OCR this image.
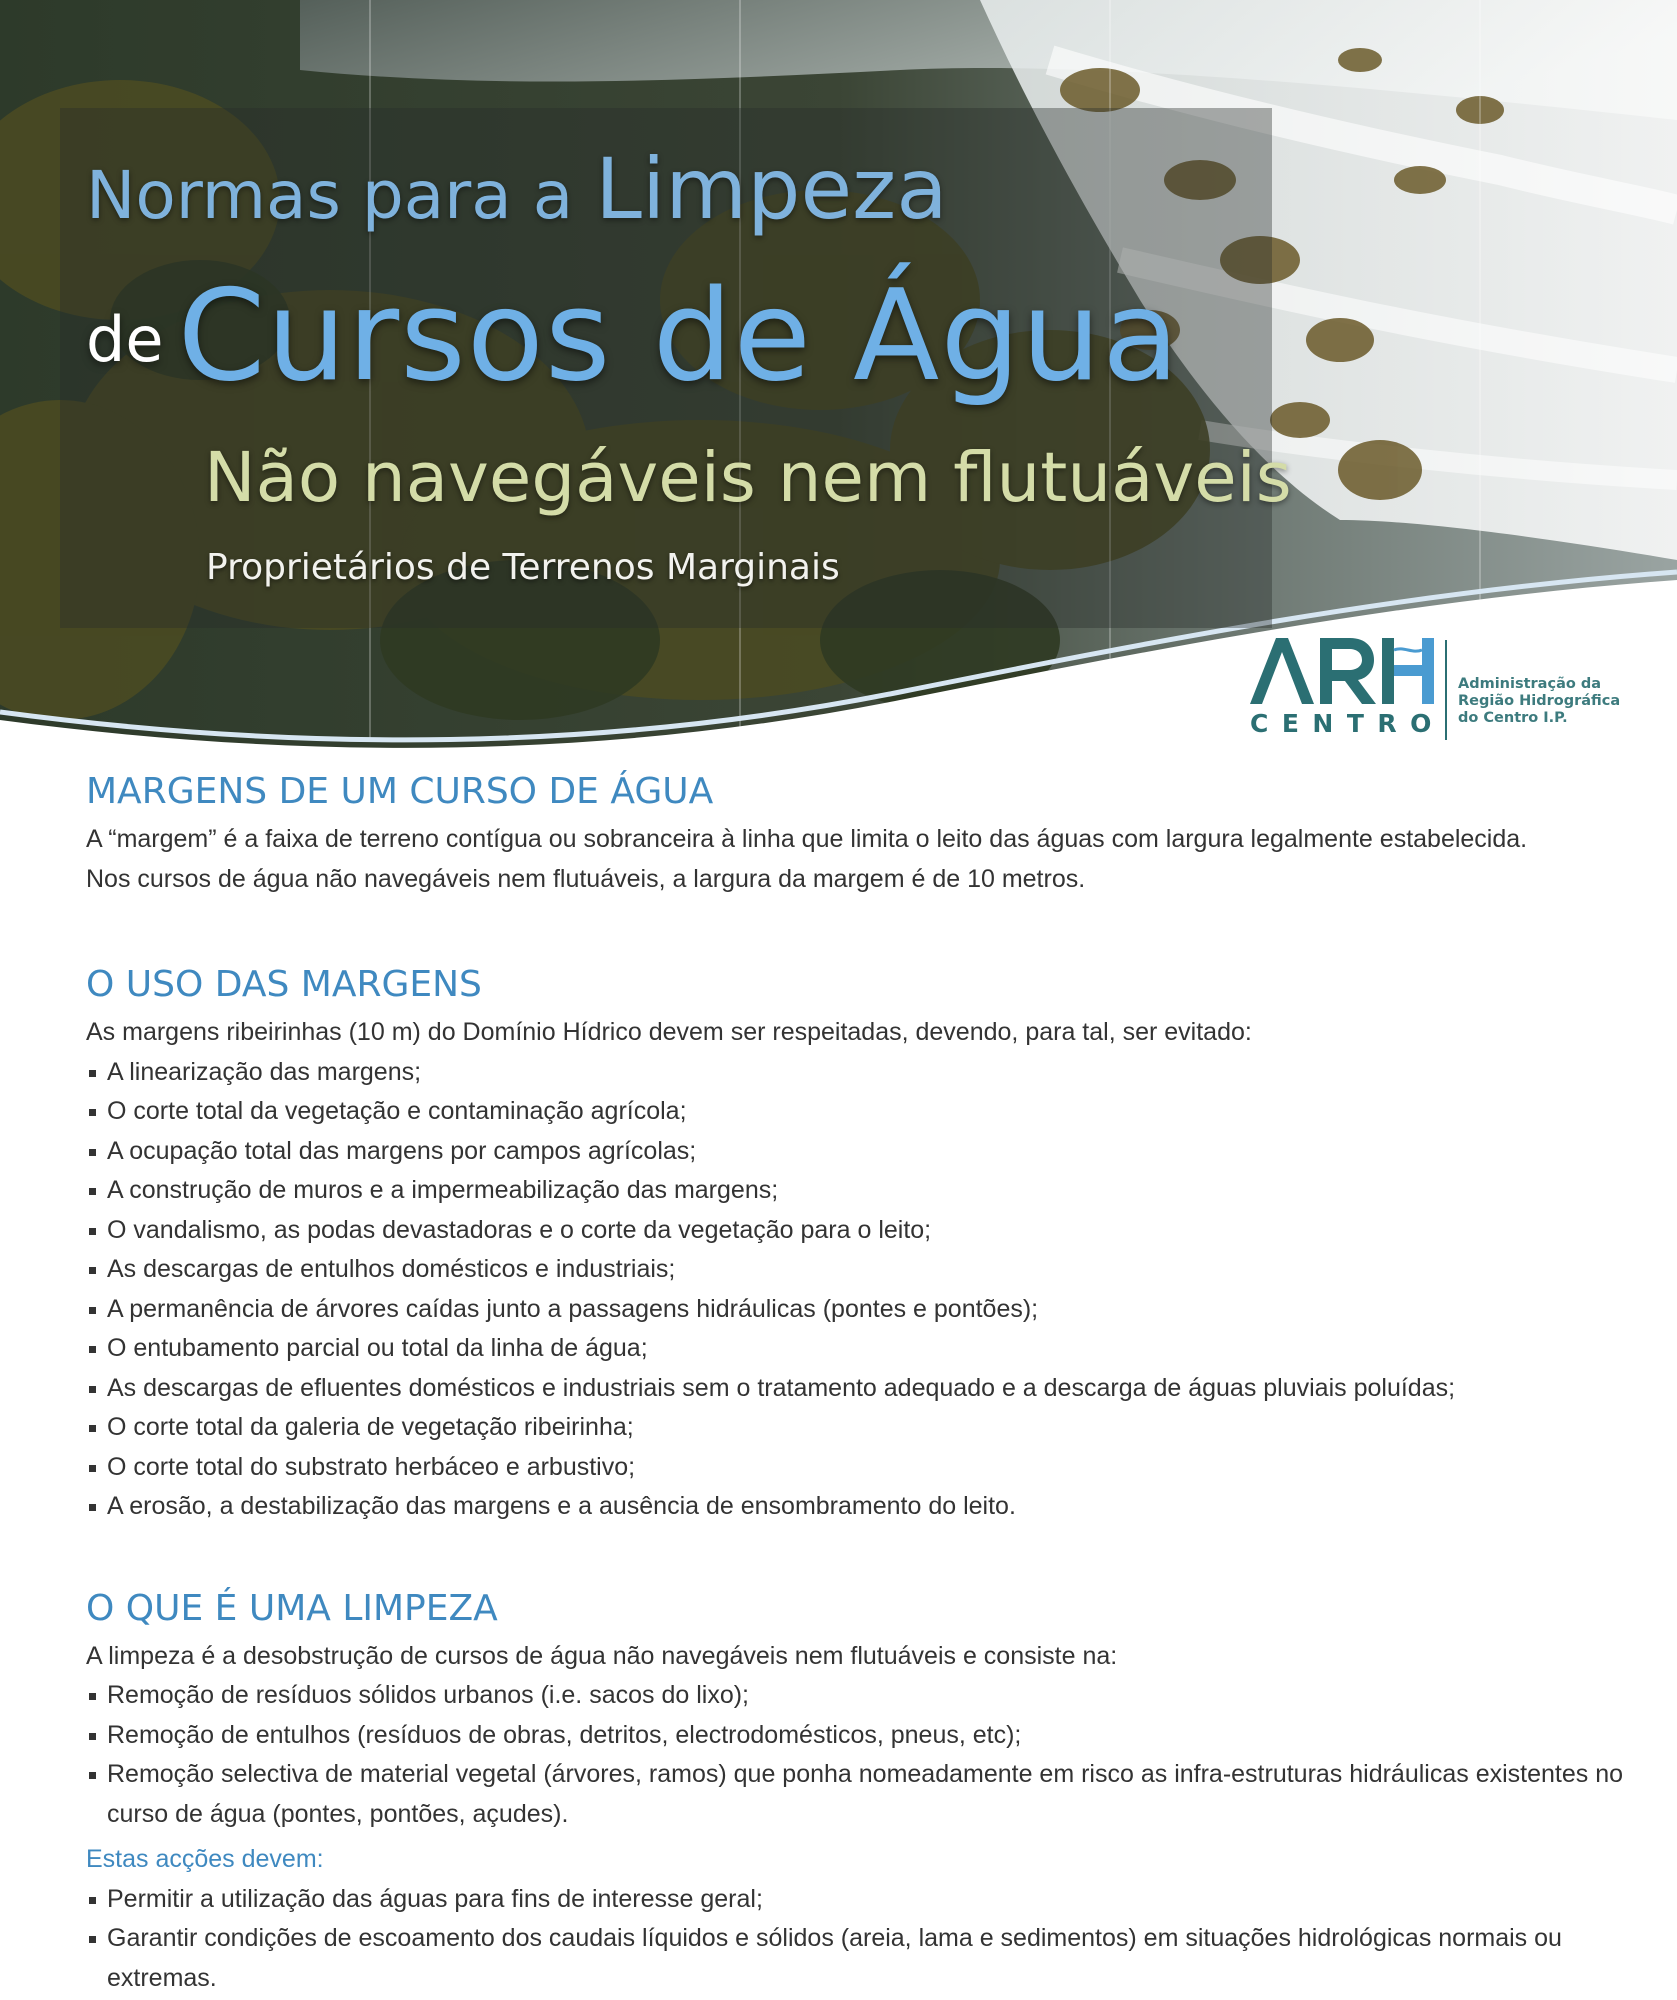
Normas para a Limpeza
de Cursos de Água
Não navegáveis nem flutuáveis
Proprietários de Terrenos Marginais
CENTRO
Administração da
Região Hidrográfica
do Centro I.P.
MARGENS DE UM CURSO DE ÁGUA

A “margem” é a faixa de terreno contígua ou sobranceira à linha que limita o leito das águas com largura legalmente estabelecida.

Nos cursos de água não navegáveis nem flutuáveis, a largura da margem é de 10 metros.

O USO DAS MARGENS

As margens ribeirinhas (10 m) do Domínio Hídrico devem ser respeitadas, devendo, para tal, ser evitado:

A linearização das margens;

O corte total da vegetação e contaminação agrícola;

A ocupação total das margens por campos agrícolas;

A construção de muros e a impermeabilização das margens;

O vandalismo, as podas devastadoras e o corte da vegetação para o leito;

As descargas de entulhos domésticos e industriais;

A permanência de árvores caídas junto a passagens hidráulicas (pontes e pontões);

O entubamento parcial ou total da linha de água;

As descargas de efluentes domésticos e industriais sem o tratamento adequado e a descarga de águas pluviais poluídas;

O corte total da galeria de vegetação ribeirinha;

O corte total do substrato herbáceo e arbustivo;

A erosão, a destabilização das margens e a ausência de ensombramento do leito.

O QUE É UMA LIMPEZA

A limpeza é a desobstrução de cursos de água não navegáveis nem flutuáveis e consiste na:

Remoção de resíduos sólidos urbanos (i.e. sacos do lixo);

Remoção de entulhos (resíduos de obras, detritos, electrodomésticos, pneus, etc);

Remoção selectiva de material vegetal (árvores, ramos) que ponha nomeadamente em risco as infra-estruturas hidráulicas existentes no curso de água (pontes, pontões, açudes).

Estas acções devem:

Permitir a utilização das águas para fins de interesse geral;

Garantir condições de escoamento dos caudais líquidos e sólidos (areia, lama e sedimentos) em situações hidrológicas normais ou extremas.
